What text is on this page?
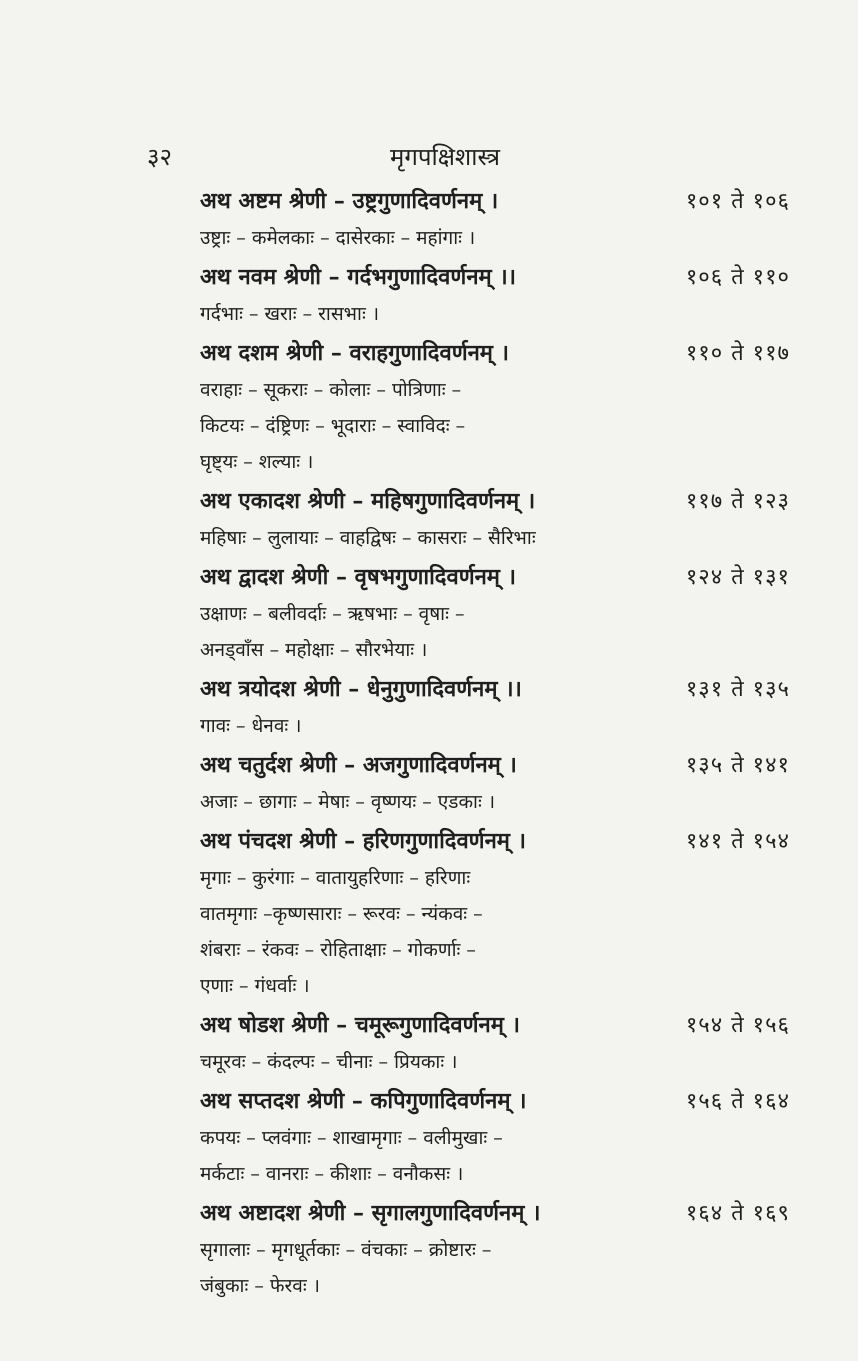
३२	मृगपक्षिशास्त्र
अथ अष्टम श्रेणी – उष्ट्रगुणादिवर्णनम् ।	१०१ ते १०६
उष्ट्राः – कमेलकाः – दासेरकाः – महांगाः ।
अथ नवम श्रेणी – गर्दभगुणादिवर्णनम् ।।	१०६ ते ११०
गर्दभाः – खराः – रासभाः ।
अथ दशम श्रेणी – वराहगुणादिवर्णनम् ।	११० ते ११७
वराहाः – सूकराः – कोलाः – पोत्रिणाः –
किटयः – दंष्ट्रिणः – भूदाराः – स्वाविदः –
घृष्ट्यः – शल्याः ।
अथ एकादश श्रेणी – महिषगुणादिवर्णनम् ।	११७ ते १२३
महिषाः – लुलायाः – वाहद्विषः – कासराः – सैरिभाः
अथ द्वादश श्रेणी – वृषभगुणादिवर्णनम् ।	१२४ ते १३१
उक्षाणः – बलीवर्दाः – ऋषभाः – वृषाः –
अनड्वाँस – महोक्षाः – सौरभेयाः ।
अथ त्रयोदश श्रेणी – धेनुगुणादिवर्णनम् ।।	१३१ ते १३५
गावः – धेनवः ।
अथ चतुर्दश श्रेणी – अजगुणादिवर्णनम् ।	१३५ ते १४१
अजाः – छागाः – मेषाः – वृष्णयः – एडकाः ।
अथ पंचदश श्रेणी – हरिणगुणादिवर्णनम् ।	१४१ ते १५४
मृगाः – कुरंगाः – वातायुहरिणाः – हरिणाः
वातमृगाः –कृष्णसाराः – रूरवः – न्यंकवः –
शंबराः – रंकवः – रोहिताक्षाः – गोकर्णाः –
एणाः – गंधर्वाः ।
अथ षोडश श्रेणी – चमूरूगुणादिवर्णनम् ।	१५४ ते १५६
चमूरवः – कंदल्पः – चीनाः – प्रियकाः ।
अथ सप्तदश श्रेणी – कपिगुणादिवर्णनम् ।	१५६ ते १६४
कपयः – प्लवंगाः – शाखामृगाः – वलीमुखाः –
मर्कटाः – वानराः – कीशाः – वनौकसः ।
अथ अष्टादश श्रेणी – सृगालगुणादिवर्णनम् ।	१६४ ते १६९
सृगालाः – मृगधूर्तकाः – वंचकाः – क्रोष्टारः –
जंबुकाः – फेरवः ।
